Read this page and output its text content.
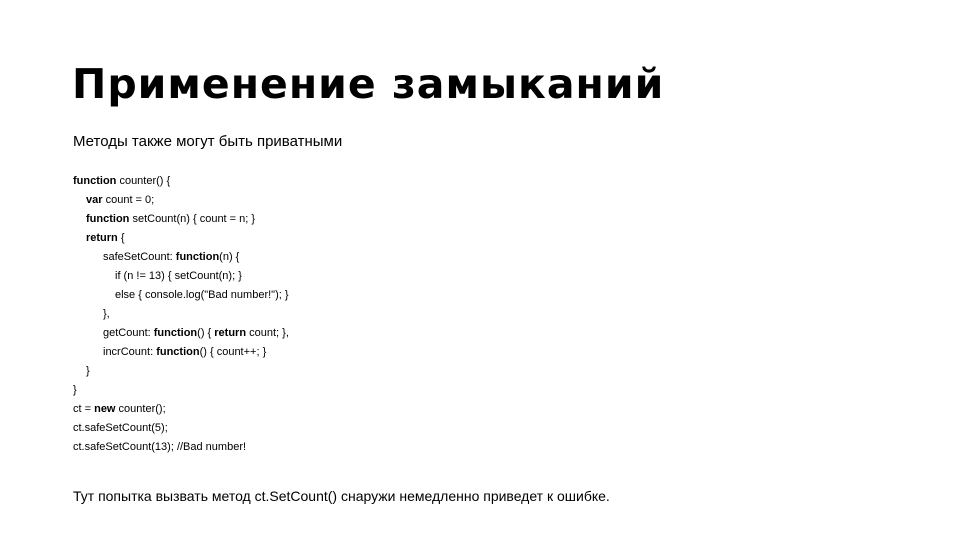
Применение замыканий
Методы также могут быть приватными
function counter() {
var count = 0;
function setCount(n) { count = n; }
return {
safeSetCount: function(n) {
if (n != 13) { setCount(n); }
else { console.log("Bad number!"); }
},
getCount: function() { return count; },
incrCount: function() { count++; }
}
}
ct = new counter();
ct.safeSetCount(5);
ct.safeSetCount(13); //Bad number!
Тут попытка вызвать метод ct.SetCount() снаружи немедленно приведет к ошибке.
